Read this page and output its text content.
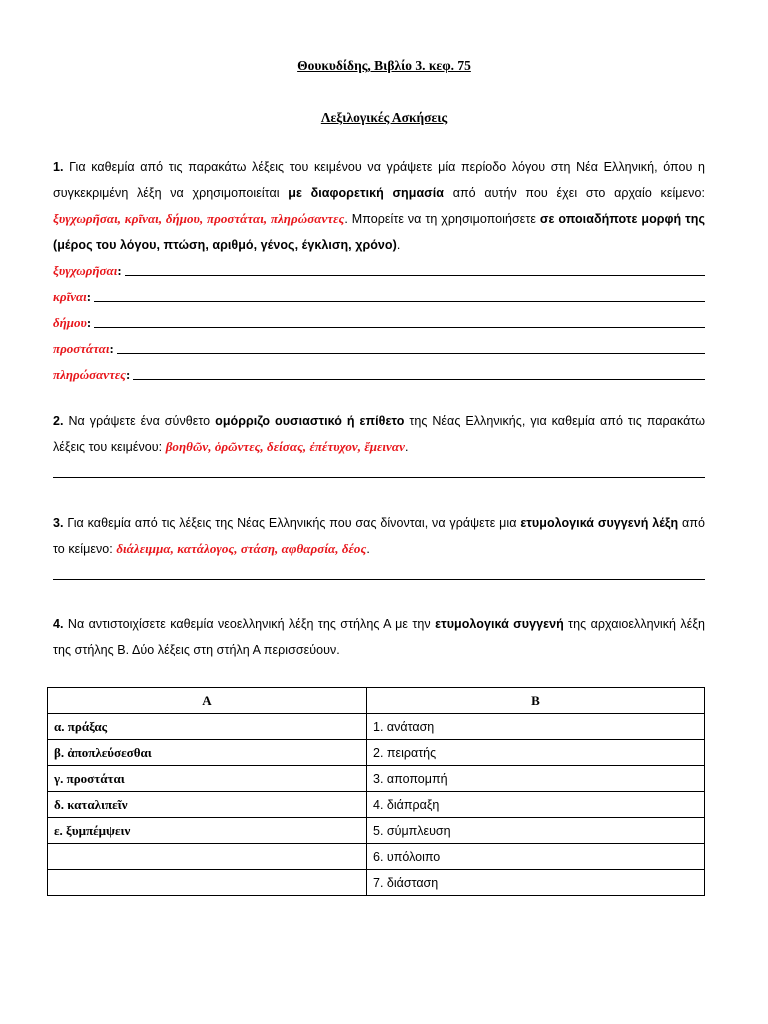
Θουκυδίδης, Βιβλίο 3. κεφ. 75
Λεξιλογικές Ασκήσεις
1. Για καθεμία από τις παρακάτω λέξεις του κειμένου να γράψετε μία περίοδο λόγου στη Νέα Ελληνική, όπου η συγκεκριμένη λέξη να χρησιμοποιείται με διαφορετική σημασία από αυτήν που έχει στο αρχαίο κείμενο: ξυγχωρῆσαι, κρῖναι, δήμου, προστάται, πληρώσαντες. Μπορείτε να τη χρησιμοποιήσετε σε οποιαδήποτε μορφή της (μέρος του λόγου, πτώση, αριθμό, γένος, έγκλιση, χρόνο).
ξυγχωρῆσαι :
κρῖναι :
δήμου :
προστάται :
πληρώσαντες :
2. Να γράψετε ένα σύνθετο ομόρριζο ουσιαστικό ή επίθετο της Νέας Ελληνικής, για καθεμία από τις παρακάτω λέξεις του κειμένου: βοηθῶν, ὁρῶντες, δείσας, ἐπέτυχον, ἔμειναν.
3. Για καθεμία από τις λέξεις της Νέας Ελληνικής που σας δίνονται, να γράψετε μια ετυμολογικά συγγενή λέξη από το κείμενο: διάλειμμα, κατάλογος, στάση, αφθαρσία, δέος.
4. Να αντιστοιχίσετε καθεμία νεοελληνική λέξη της στήλης Α με την ετυμολογικά συγγενή της αρχαιοελληνική λέξη της στήλης Β. Δύο λέξεις στη στήλη Α περισσεύουν.
Α	Β
α. πράξας	1. ανάταση
β. ἀποπλεύσεσθαι	2. πειρατής
γ. προστάται	3. αποπομπή
δ. καταλιπεῖν	4. διάπραξη
ε. ξυμπέμψειν	5. σύμπλευση
	6. υπόλοιπο
	7. διάσταση
